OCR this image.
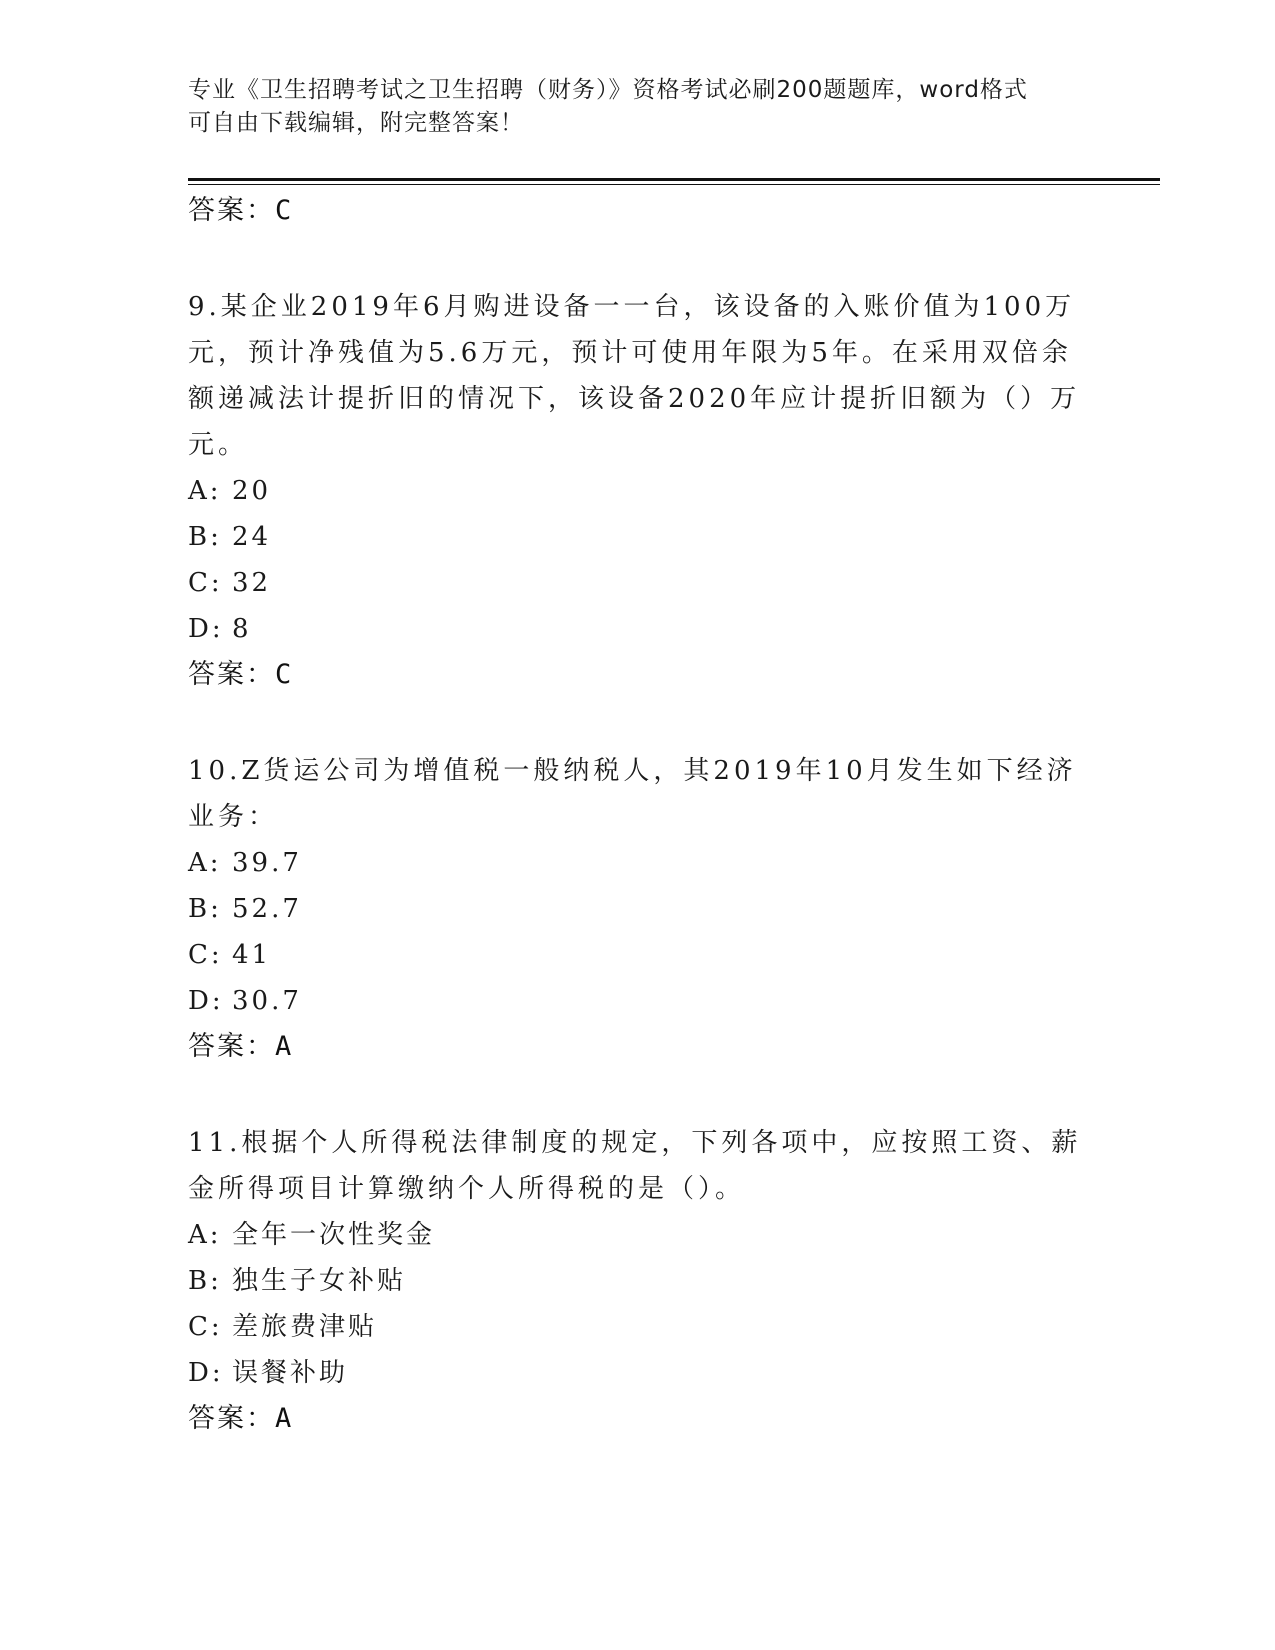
专业《卫生招聘考试之卫生招聘（财务）》资格考试必刷200题题库，word格式
可自由下载编辑，附完整答案！
答案：C
9.某企业2019年6月购进设备一一台，该设备的入账价值为100万元，预计净残值为5.6万元，预计可使用年限为5年。在采用双倍余额递减法计提折旧的情况下，该设备2020年应计提折旧额为（）万元。
A: 20
B: 24
C: 32
D: 8
答案：C
10.Z货运公司为增值税一般纳税人，其2019年10月发生如下经济业务：
A: 39.7
B: 52.7
C: 41
D: 30.7
答案：A
11.根据个人所得税法律制度的规定，下列各项中，应按照工资、薪金所得项目计算缴纳个人所得税的是（）。
A: 全年一次性奖金
B: 独生子女补贴
C: 差旅费津贴
D: 误餐补助
答案：A
